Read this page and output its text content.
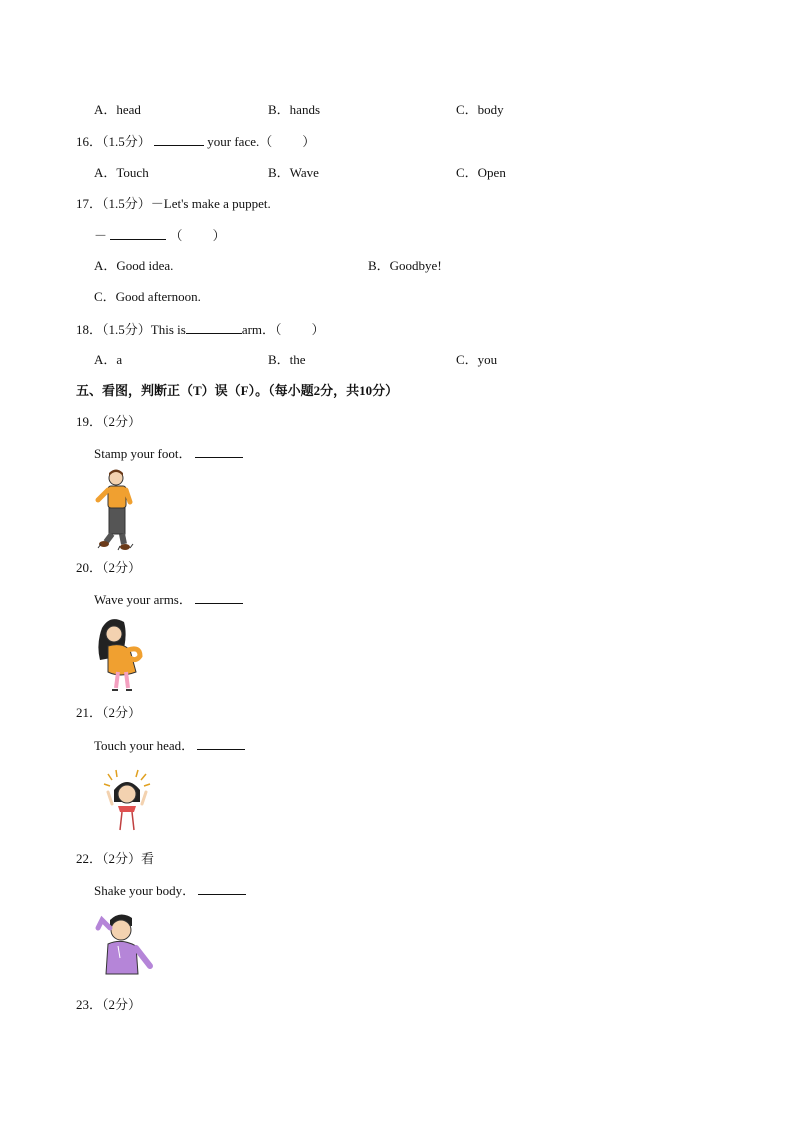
A．head	B．hands	C．body
16．（1.5分）	your face.（ ）
A．Touch	B．Wave	C．Open
17．（1.5分）－Let's make a puppet.
－	（ ）
A．Good idea.	B．Goodbye!
C．Good afternoon.
18．（1.5分）This is	arm．（ ）
A．a	B．the	C．you
五、看图，判断正（T）误（F）。（每小题2分，共10分）
19．（2分）
Stamp your foot．
20．（2分）
Wave your arms．
21．（2分）
Touch your head．
22．（2分）看
Shake your body．
23．（2分）
